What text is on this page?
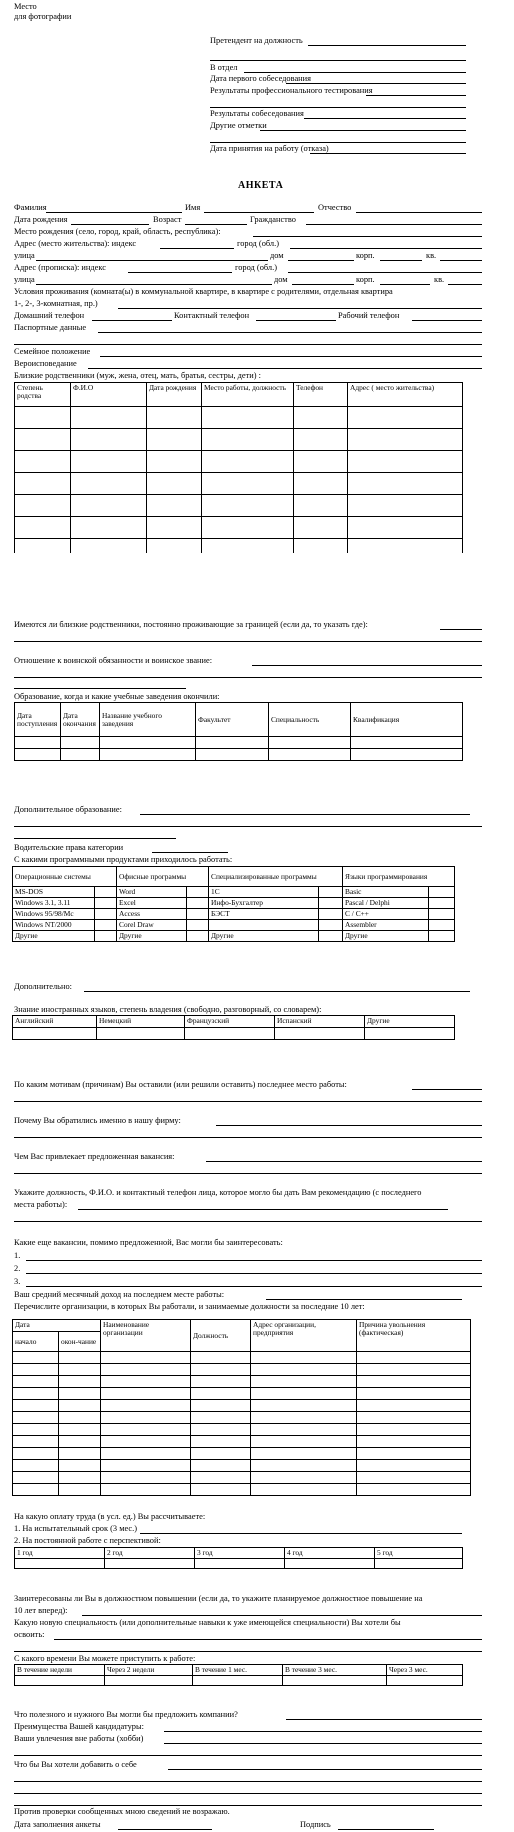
Место
для фотографии
Претендент на должность
В отдел
Дата первого собеседования
Результаты профессионального тестирования
Результаты собеседования
Другие отметки
Дата принятия на работу (отказа)
АНКЕТА
Фамилия	Имя	Отчество
Дата рождения	Возраст	Гражданство
Место рождения (село, город, край, область, республика):
Адрес (место жительства): индекс	город (обл.)
улица	дом	корп.	кв.
Адрес (прописка): индекс	город (обл.)
улица	дом	корп.	кв.
Условия проживания (комната(ы) в коммунальной квартире, в квартире с родителями, отдельная квартира
1-, 2-, 3-комнатная, пр.)
Домашний телефон	Контактный телефон	Рабочий телефон
Паспортные данные
Семейное положение
Вероисповедание
Близкие родственники (муж, жена, отец, мать, братья, сестры, дети) :
Степень родства	Ф.И.О	Дата рождения	Место работы, должность	Телефон	Адрес ( место жительства)

Имеются ли близкие родственники, постоянно проживающие за границей (если да, то указать где):
Отношение к воинской обязанности и воинское звание:
Образование, когда и какие учебные заведения окончили:
Дата поступления	Дата окончания	Название учебного заведения	Факультет	Специальность	Квалификация

Дополнительное образование:
Водительские права категории
С какими программными продуктами приходилось работать:
Операционные системы		Офисные программы		Специализированные программы		Языки программирования	
MS-DOS		Word		1С		Basic	
Windows 3.1, 3.11		Excel		Инфо-Бухгалтер		Pascal / Delphi	
Windows 95/98/Mc		Access		БЭСТ		C / C++	
Windows NT/2000		Corel Draw				Assembler	
Другие		Другие		Другие		Другие	
Дополнительно:
Знание иностранных языков, степень владения (свободно, разговорный, со словарем):
Английский	Немецкий	Французский	Испанский	Другие

По каким мотивам (причинам) Вы оставили (или решили оставить) последнее место работы:
Почему Вы обратились именно в нашу фирму:
Чем Вас привлекает предложенная вакансия:
Укажите должность, Ф.И.О. и контактный телефон лица, которое могло бы дать Вам рекомендацию (с последнего
места работы):
Какие еще вакансии, помимо предложенной, Вас могли бы заинтересовать:
1.
2.
3.
Ваш средний месячный доход на последнем месте работы:
Перечислите организации, в которых Вы работали, и занимаемые должности за последние 10 лет:
Дата		Наименование организации	Должность	Адрес организации, предприятия	Причина увольнения (фактическая)
начало	окон-чание				

На какую оплату труда (в усл. ед.) Вы рассчитываете:
1. На испытательный срок (3 мес.)
2. На постоянной работе с перспективой:
1 год	2 год	3 год	4 год	5 год

Заинтересованы ли Вы в должностном повышении (если да, то укажите планируемое должностное повышение на
10 лет вперед):
Какую новую специальность (или дополнительные навыки к уже имеющейся специальности) Вы хотели бы
освоить:
С какого времени Вы можете приступить к работе:
В течение недели	Через 2 недели	В течение 1 мес.	В течение 3 мес.	Через 3 мес.

Что полезного и нужного Вы могли бы предложить компании?
Преимущества Вашей кандидатуры:
Ваши увлечения вне работы (хобби)
Что бы Вы хотели добавить о себе
Против проверки сообщенных мною сведений не возражаю.
Дата заполнения анкеты	Подпись
